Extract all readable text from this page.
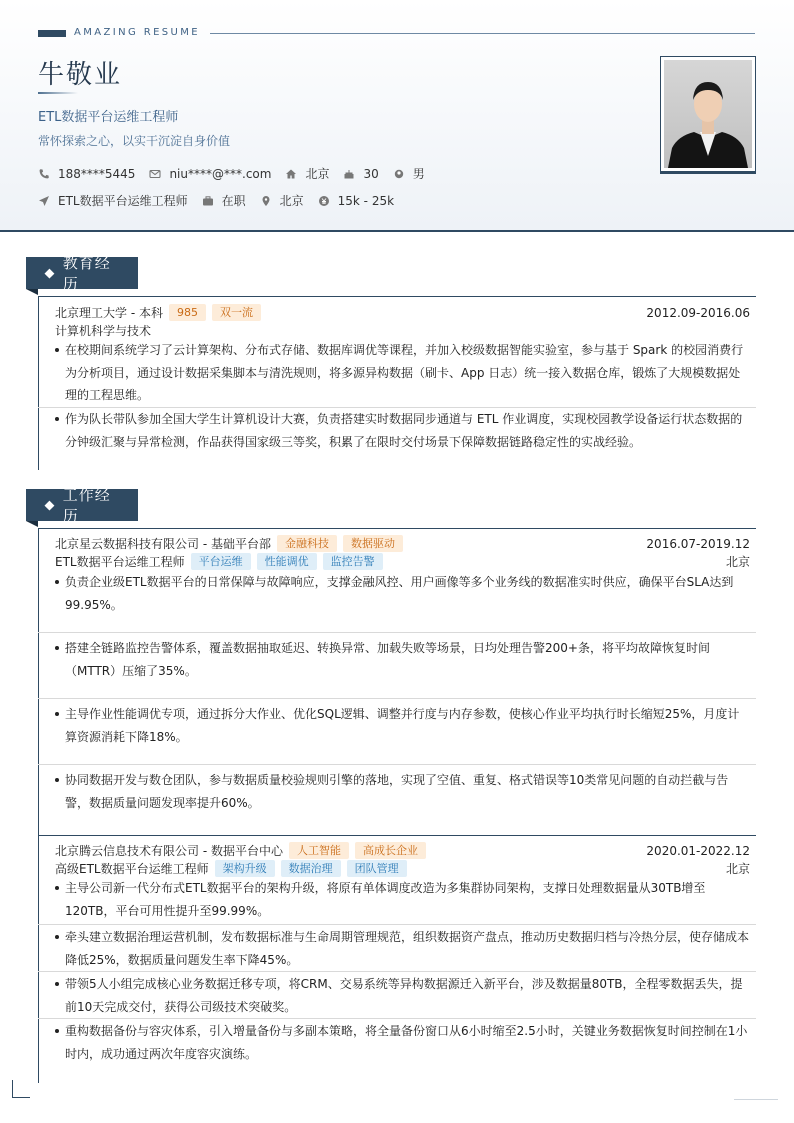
AMAZING RESUME
牛敬业
ETL数据平台运维工程师
常怀探索之心，以实干沉淀自身价值
188****5445	niu****@***.com	北京	30	男
ETL数据平台运维工程师	在职	北京	15k - 25k
教育经历
北京理工大学 - 本科	985	双一流	2012.09-2016.06
计算机科学与技术
在校期间系统学习了云计算架构、分布式存储、数据库调优等课程，并加入校级数据智能实验室，参与基于 Spark 的校园消费行为分析项目，通过设计数据采集脚本与清洗规则，将多源异构数据（刷卡、App 日志）统一接入数据仓库，锻炼了大规模数据处理的工程思维。
作为队长带队参加全国大学生计算机设计大赛，负责搭建实时数据同步通道与 ETL 作业调度，实现校园教学设备运行状态数据的分钟级汇聚与异常检测，作品获得国家级三等奖，积累了在限时交付场景下保障数据链路稳定性的实战经验。
工作经历
北京星云数据科技有限公司 - 基础平台部	金融科技	数据驱动	2016.07-2019.12
ETL数据平台运维工程师	平台运维	性能调优	监控告警	北京
负责企业级ETL数据平台的日常保障与故障响应，支撑金融风控、用户画像等多个业务线的数据准实时供应，确保平台SLA达到99.95%。
搭建全链路监控告警体系，覆盖数据抽取延迟、转换异常、加载失败等场景，日均处理告警200+条，将平均故障恢复时间（MTTR）压缩了35%。
主导作业性能调优专项，通过拆分大作业、优化SQL逻辑、调整并行度与内存参数，使核心作业平均执行时长缩短25%，月度计算资源消耗下降18%。
协同数据开发与数仓团队，参与数据质量校验规则引擎的落地，实现了空值、重复、格式错误等10类常见问题的自动拦截与告警，数据质量问题发现率提升60%。
北京腾云信息技术有限公司 - 数据平台中心	人工智能	高成长企业	2020.01-2022.12
高级ETL数据平台运维工程师	架构升级	数据治理	团队管理	北京
主导公司新一代分布式ETL数据平台的架构升级，将原有单体调度改造为多集群协同架构，支撑日处理数据量从30TB增至120TB，平台可用性提升至99.99%。
牵头建立数据治理运营机制，发布数据标准与生命周期管理规范，组织数据资产盘点，推动历史数据归档与冷热分层，使存储成本降低25%，数据质量问题发生率下降45%。
带领5人小组完成核心业务数据迁移专项，将CRM、交易系统等异构数据源迁入新平台，涉及数据量80TB，全程零数据丢失，提前10天完成交付，获得公司级技术突破奖。
重构数据备份与容灾体系，引入增量备份与多副本策略，将全量备份窗口从6小时缩至2.5小时，关键业务数据恢复时间控制在1小时内，成功通过两次年度容灾演练。
